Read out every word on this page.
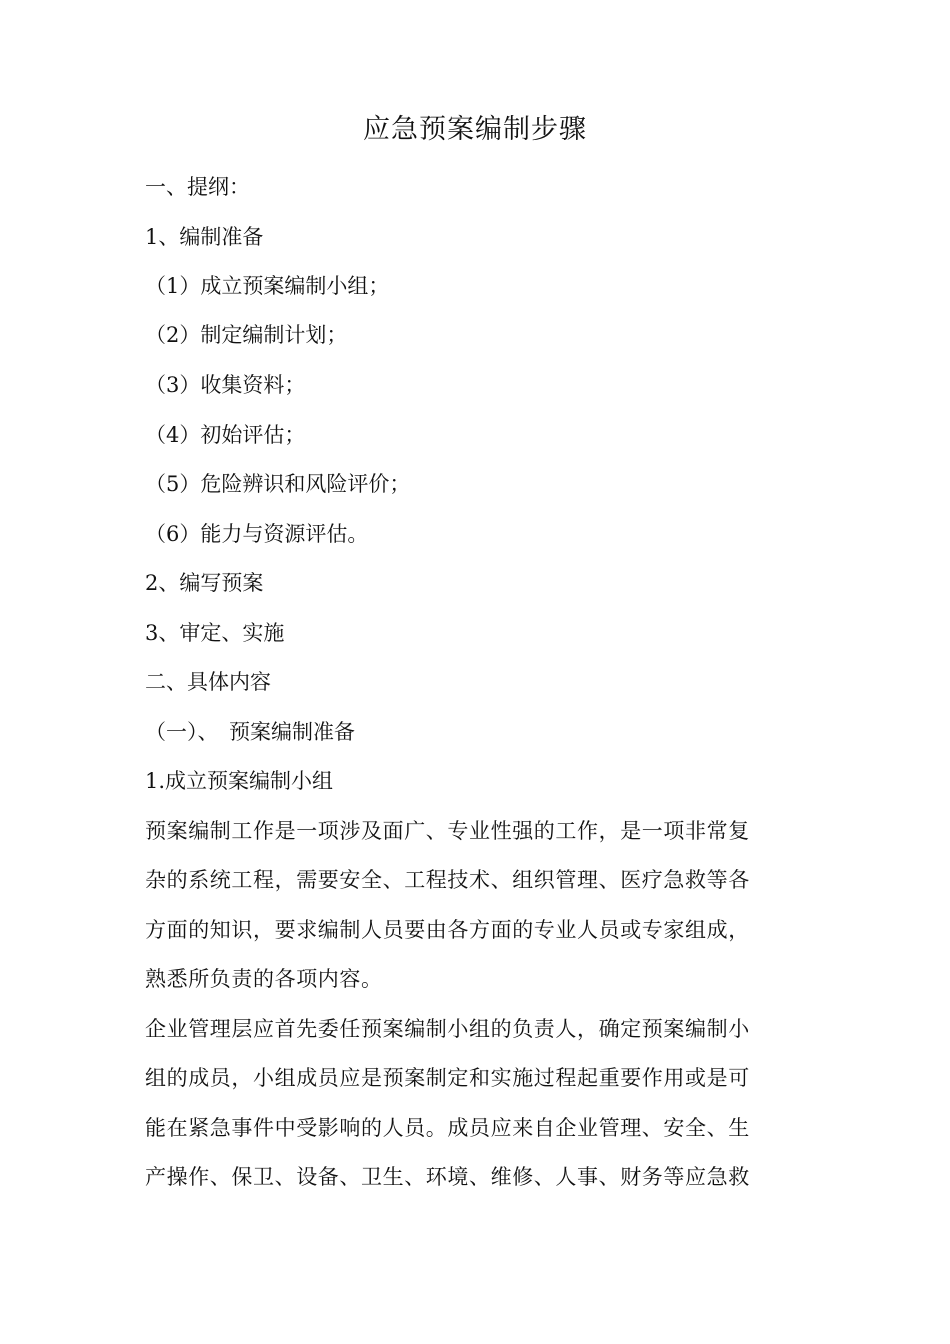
应急预案编制步骤
一、提纲：
1、编制准备
（1）成立预案编制小组；
（2）制定编制计划；
（3）收集资料；
（4）初始评估；
（5）危险辨识和风险评价；
（6）能力与资源评估。
2、编写预案
3、审定、实施
二、具体内容
（一）、　预案编制准备
1.成立预案编制小组
预案编制工作是一项涉及面广、专业性强的工作，是一项非常复
杂的系统工程，需要安全、工程技术、组织管理、医疗急救等各
方面的知识，要求编制人员要由各方面的专业人员或专家组成，
熟悉所负责的各项内容。
企业管理层应首先委任预案编制小组的负责人，确定预案编制小
组的成员，小组成员应是预案制定和实施过程起重要作用或是可
能在紧急事件中受影响的人员。成员应来自企业管理、安全、生
产操作、保卫、设备、卫生、环境、维修、人事、财务等应急救
